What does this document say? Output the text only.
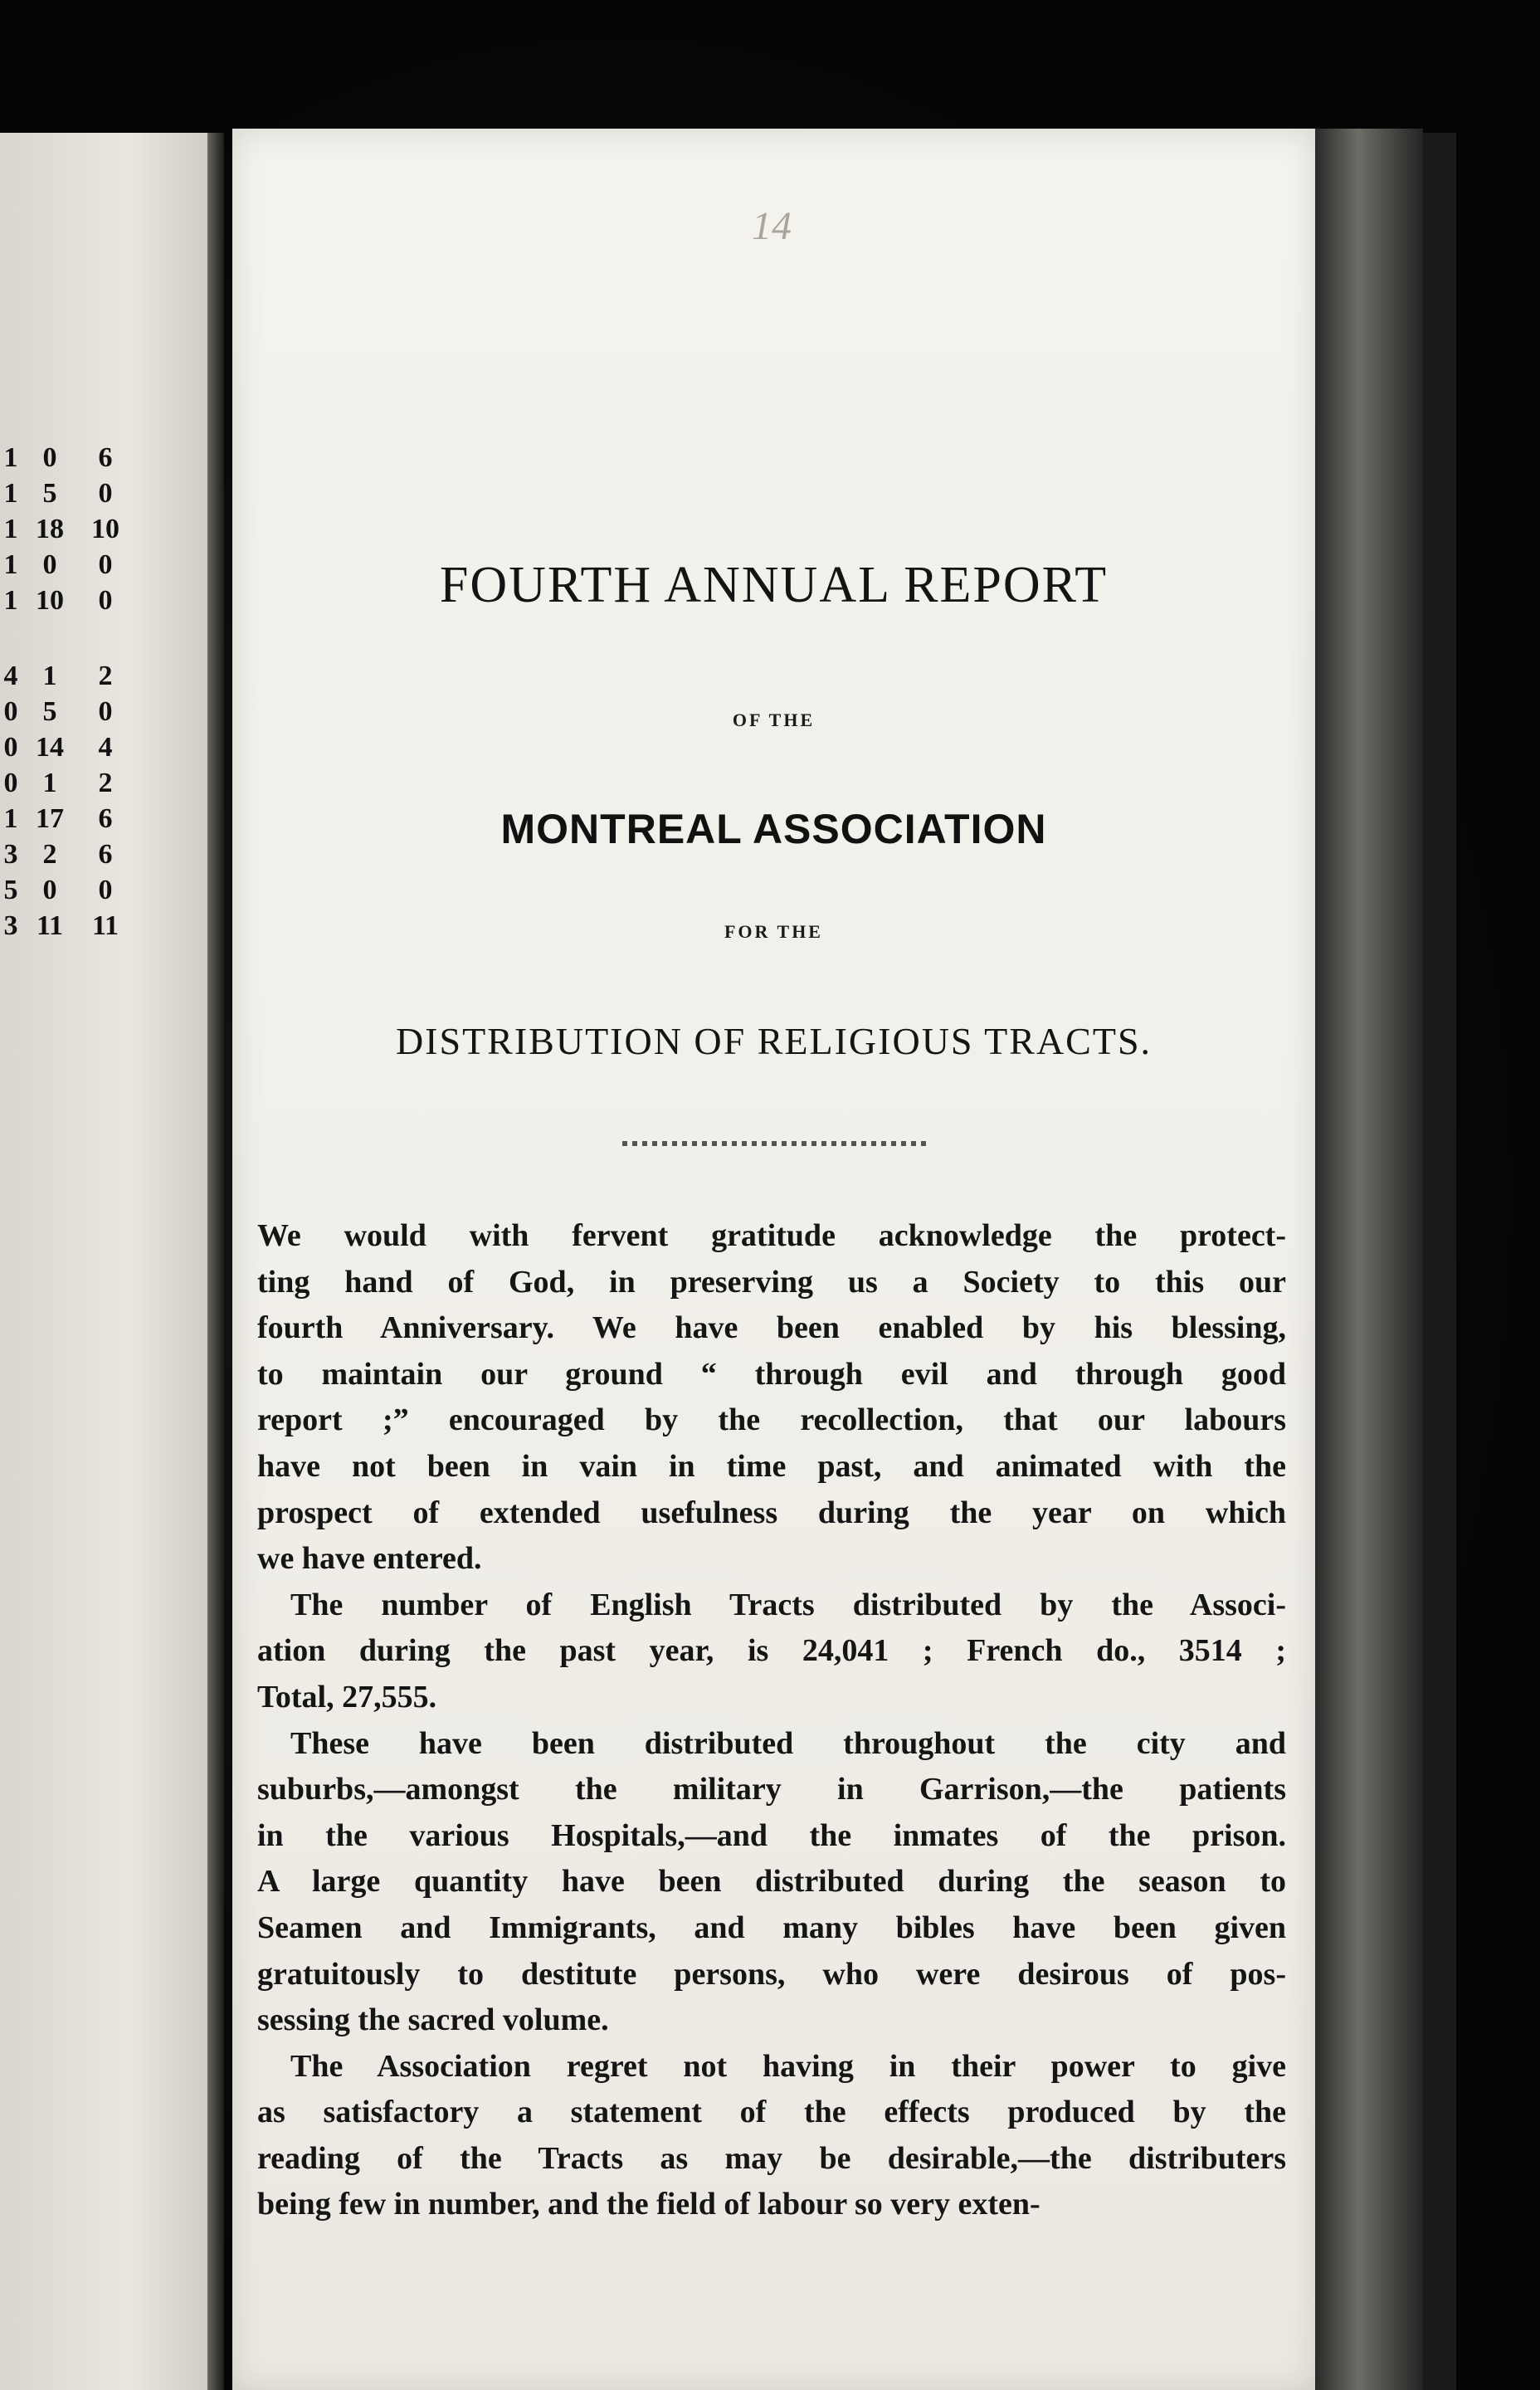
1 0	6
1 5	0
1 18 10
1 0	0
1 10	0
4 1	2
0 5	0
0 14	4
0 1	2
1 17	6
3 2	6
5 0	0
3 11	11
14
FOURTH ANNUAL REPORT
OF THE
MONTREAL ASSOCIATION
FOR THE
DISTRIBUTION OF RELIGIOUS TRACTS.

We would with fervent gratitude acknowledge the protect-
ting hand of God, in preserving us a Society to this our
fourth Anniversary. We have been enabled by his blessing,
to maintain our ground “ through evil and through good
report ;” encouraged by the recollection, that our labours
have not been in vain in time past, and animated with the
prospect of extended usefulness during the year on which
we have entered.

The number of English Tracts distributed by the Associ-
ation during the past year, is 24,041 ; French do., 3514 ;
Total, 27,555.

These have been distributed throughout the city and
suburbs,—amongst the military in Garrison,—the patients
in the various Hospitals,—and the inmates of the prison.
A large quantity have been distributed during the season to
Seamen and Immigrants, and many bibles have been given
gratuitously to destitute persons, who were desirous of pos-
sessing the sacred volume.

The Association regret not having in their power to give
as satisfactory a statement of the effects produced by the
reading of the Tracts as may be desirable,—the distributers
being few in number, and the field of labour so very exten-
